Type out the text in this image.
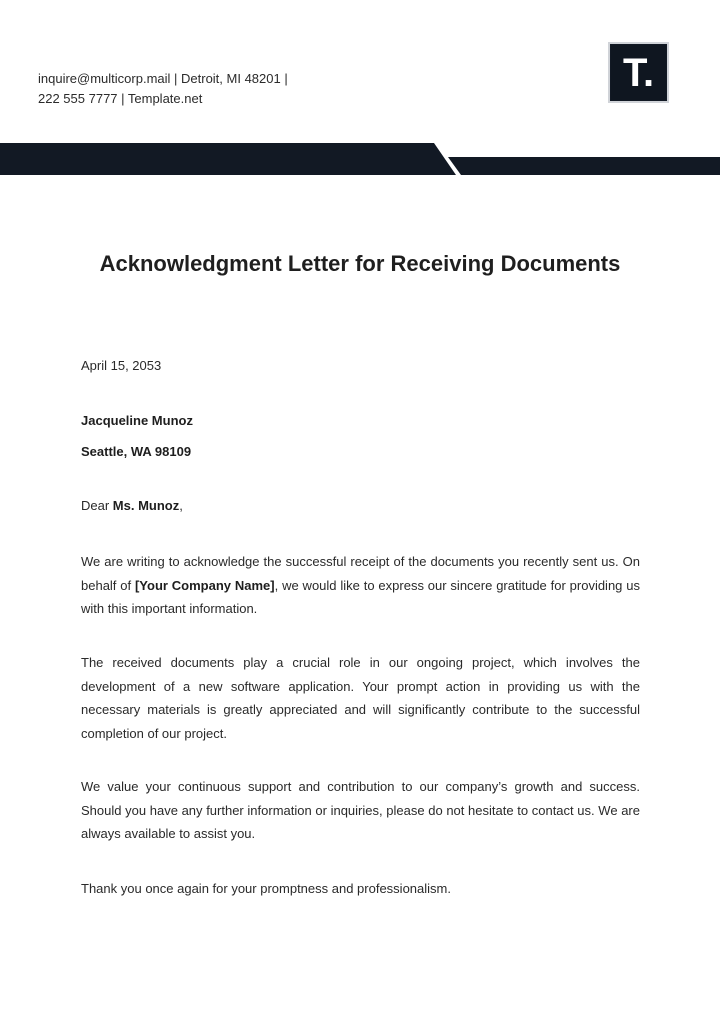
inquire@multicorp.mail | Detroit, MI 48201 |
222 555 7777 | Template.net
T.
Acknowledgment Letter for Receiving Documents
April 15, 2053
Jacqueline Munoz
Seattle, WA 98109
Dear Ms. Munoz,
We are writing to acknowledge the successful receipt of the documents you recently sent us. On behalf of [Your Company Name], we would like to express our sincere gratitude for providing us with this important information.
The received documents play a crucial role in our ongoing project, which involves the development of a new software application. Your prompt action in providing us with the necessary materials is greatly appreciated and will significantly contribute to the successful completion of our project.
We value your continuous support and contribution to our company’s growth and success. Should you have any further information or inquiries, please do not hesitate to contact us. We are always available to assist you.
Thank you once again for your promptness and professionalism.
